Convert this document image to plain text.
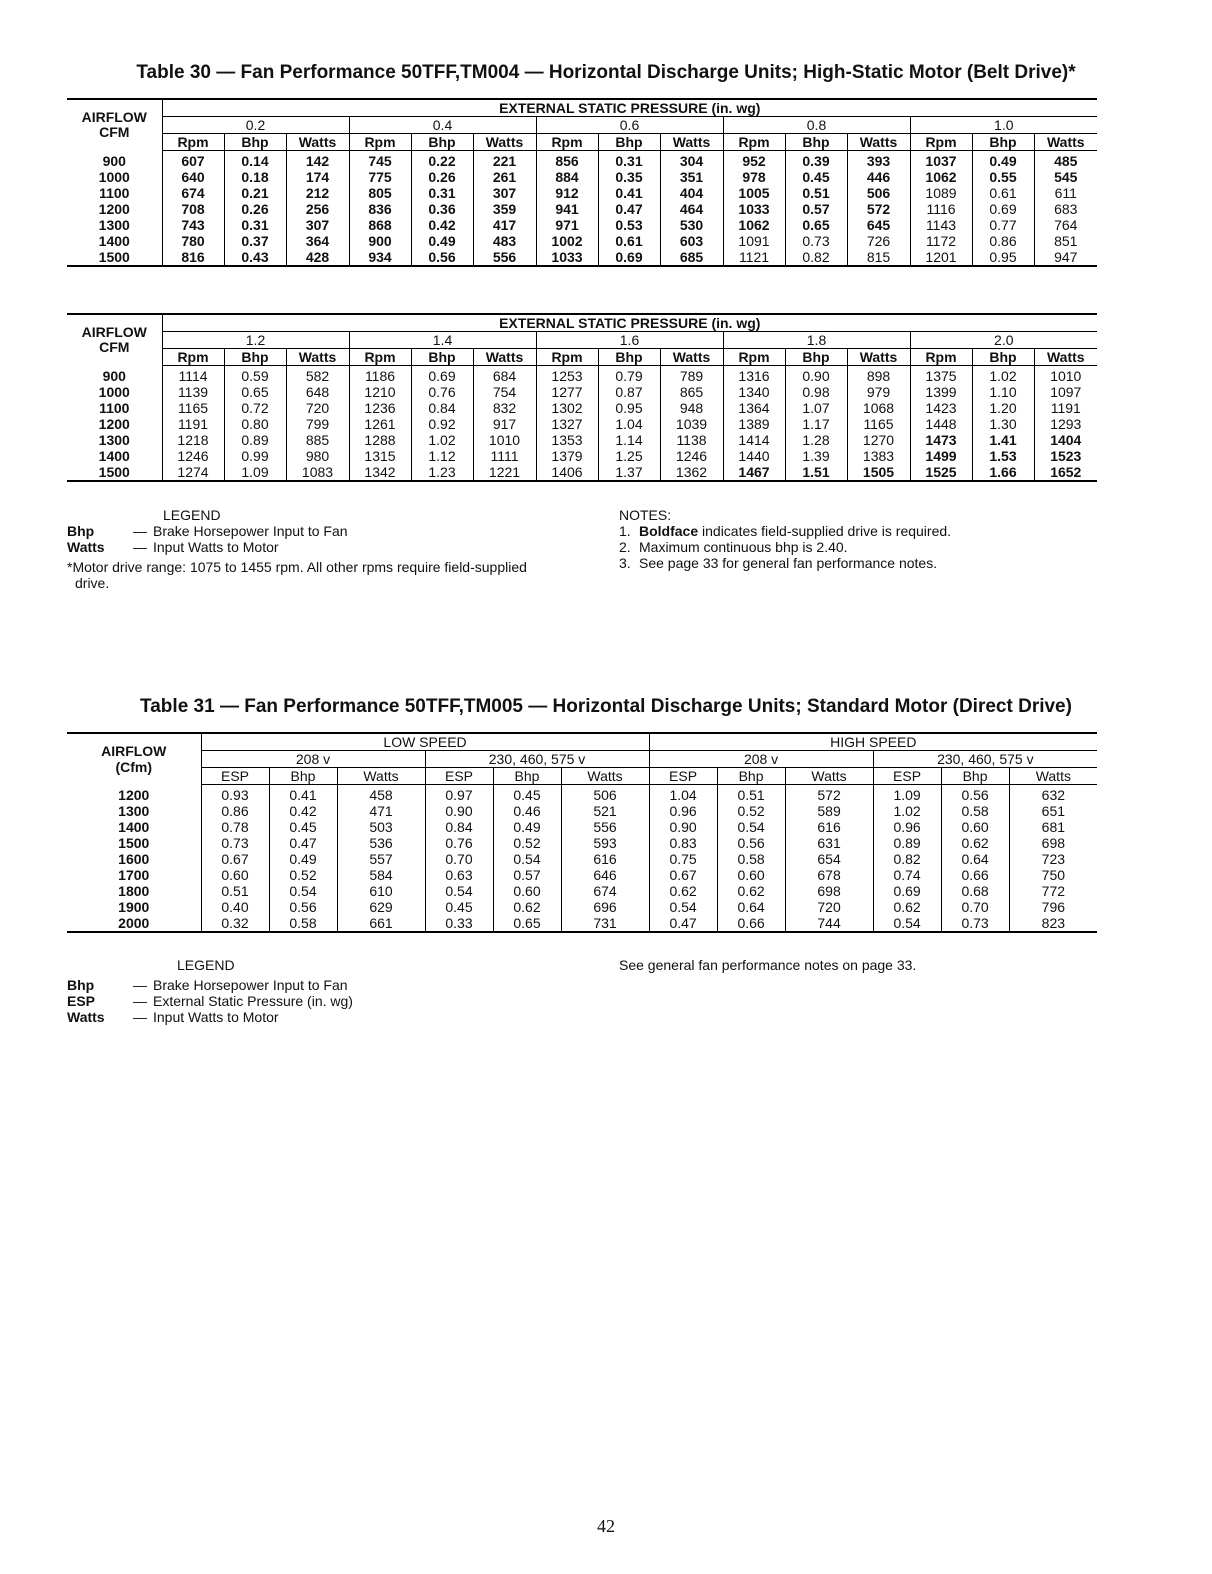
Table 30 — Fan Performance 50TFF,TM004 — Horizontal Discharge Units; High-Static Motor (Belt Drive)*
AIRFLOW
CFM	EXTERNAL STATIC PRESSURE (in. wg)														
	0.2			0.4			0.6			0.8			1.0		
	Rpm	Bhp	Watts	Rpm	Bhp	Watts	Rpm	Bhp	Watts	Rpm	Bhp	Watts	Rpm	Bhp	Watts
900	607	0.14	142	745	0.22	221	856	0.31	304	952	0.39	393	1037	0.49	485
1000	640	0.18	174	775	0.26	261	884	0.35	351	978	0.45	446	1062	0.55	545
1100	674	0.21	212	805	0.31	307	912	0.41	404	1005	0.51	506	1089	0.61	611
1200	708	0.26	256	836	0.36	359	941	0.47	464	1033	0.57	572	1116	0.69	683
1300	743	0.31	307	868	0.42	417	971	0.53	530	1062	0.65	645	1143	0.77	764
1400	780	0.37	364	900	0.49	483	1002	0.61	603	1091	0.73	726	1172	0.86	851
1500	816	0.43	428	934	0.56	556	1033	0.69	685	1121	0.82	815	1201	0.95	947
AIRFLOW
CFM	EXTERNAL STATIC PRESSURE (in. wg)														
	1.2			1.4			1.6			1.8			2.0		
	Rpm	Bhp	Watts	Rpm	Bhp	Watts	Rpm	Bhp	Watts	Rpm	Bhp	Watts	Rpm	Bhp	Watts
900	1114	0.59	582	1186	0.69	684	1253	0.79	789	1316	0.90	898	1375	1.02	1010
1000	1139	0.65	648	1210	0.76	754	1277	0.87	865	1340	0.98	979	1399	1.10	1097
1100	1165	0.72	720	1236	0.84	832	1302	0.95	948	1364	1.07	1068	1423	1.20	1191
1200	1191	0.80	799	1261	0.92	917	1327	1.04	1039	1389	1.17	1165	1448	1.30	1293
1300	1218	0.89	885	1288	1.02	1010	1353	1.14	1138	1414	1.28	1270	1473	1.41	1404
1400	1246	0.99	980	1315	1.12	1111	1379	1.25	1246	1440	1.39	1383	1499	1.53	1523
1500	1274	1.09	1083	1342	1.23	1221	1406	1.37	1362	1467	1.51	1505	1525	1.66	1652
LEGEND
Bhp	— Brake Horsepower Input to Fan
Watts	— Input Watts to Motor
*Motor drive range: 1075 to 1455 rpm. All other rpms require field-supplied drive.
NOTES:
1. Boldface indicates field-supplied drive is required.
2. Maximum continuous bhp is 2.40.
3. See page 33 for general fan performance notes.
Table 31 — Fan Performance 50TFF,TM005 — Horizontal Discharge Units; Standard Motor (Direct Drive)
AIRFLOW
(Cfm)	LOW SPEED						HIGH SPEED					
	208 v			230, 460, 575 v			208 v			230, 460, 575 v		
	ESP	Bhp	Watts	ESP	Bhp	Watts	ESP	Bhp	Watts	ESP	Bhp	Watts
1200	0.93	0.41	458	0.97	0.45	506	1.04	0.51	572	1.09	0.56	632
1300	0.86	0.42	471	0.90	0.46	521	0.96	0.52	589	1.02	0.58	651
1400	0.78	0.45	503	0.84	0.49	556	0.90	0.54	616	0.96	0.60	681
1500	0.73	0.47	536	0.76	0.52	593	0.83	0.56	631	0.89	0.62	698
1600	0.67	0.49	557	0.70	0.54	616	0.75	0.58	654	0.82	0.64	723
1700	0.60	0.52	584	0.63	0.57	646	0.67	0.60	678	0.74	0.66	750
1800	0.51	0.54	610	0.54	0.60	674	0.62	0.62	698	0.69	0.68	772
1900	0.40	0.56	629	0.45	0.62	696	0.54	0.64	720	0.62	0.70	796
2000	0.32	0.58	661	0.33	0.65	731	0.47	0.66	744	0.54	0.73	823
LEGEND
Bhp	— Brake Horsepower Input to Fan
ESP	— External Static Pressure (in. wg)
Watts	— Input Watts to Motor
See general fan performance notes on page 33.
42
